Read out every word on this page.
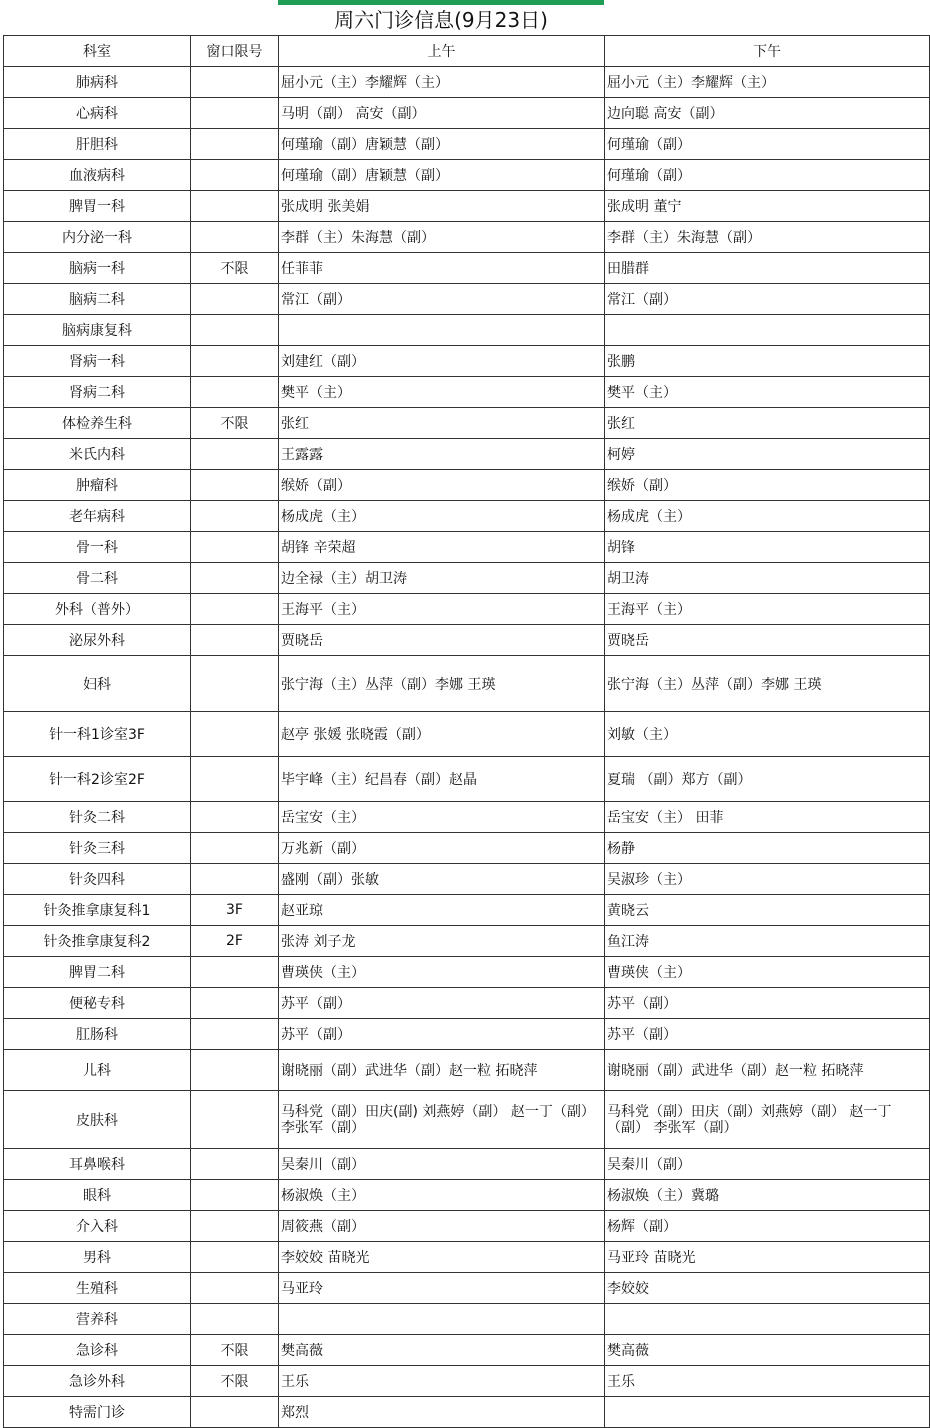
周六门诊信息(9月23日)
科室	窗口限号	上午	下午
肺病科		屈小元（主）李耀辉（主）	屈小元（主）李耀辉（主）
心病科		马明（副） 高安（副）	边向聪 高安（副）
肝胆科		何瑾瑜（副）唐颖慧（副）	何瑾瑜（副）
血液病科		何瑾瑜（副）唐颖慧（副）	何瑾瑜（副）
脾胃一科		张成明 张美娟	张成明 董宁
内分泌一科		李群（主）朱海慧（副）	李群（主）朱海慧（副）
脑病一科	不限	任菲菲	田腊群
脑病二科		常江（副）	常江（副）
脑病康复科			
肾病一科		刘建红（副）	张鹏
肾病二科		樊平（主）	樊平（主）
体检养生科	不限	张红	张红
米氏内科		王露露	柯婷
肿瘤科		缑娇（副）	缑娇（副）
老年病科		杨成虎（主）	杨成虎（主）
骨一科		胡锋 辛荣超	胡锋
骨二科		边全禄（主）胡卫涛	胡卫涛
外科（普外）		王海平（主）	王海平（主）
泌尿外科		贾晓岳	贾晓岳
妇科		张宁海（主）丛萍（副）李娜 王瑛	张宁海（主）丛萍（副）李娜 王瑛
针一科1诊室3F		赵亭 张媛 张晓霞（副）	刘敏（主）
针一科2诊室2F		毕宇峰（主）纪昌春（副）赵晶	夏瑞 （副）郑方（副）
针灸二科		岳宝安（主）	岳宝安（主） 田菲
针灸三科		万兆新（副）	杨静
针灸四科		盛刚（副）张敏	吴淑珍（主）
针灸推拿康复科1	3F	赵亚琼	黄晓云
针灸推拿康复科2	2F	张涛 刘子龙	鱼江涛
脾胃二科		曹瑛侠（主）	曹瑛侠（主）
便秘专科		苏平（副）	苏平（副）
肛肠科		苏平（副）	苏平（副）
儿科		谢晓丽（副）武进华（副）赵一粒 拓晓萍	谢晓丽（副）武进华（副）赵一粒 拓晓萍
皮肤科		马科党（副）田庆(副) 刘燕婷（副） 赵一丁（副） 李张军（副）	马科党（副）田庆（副）刘燕婷（副） 赵一丁（副） 李张军（副）
耳鼻喉科		吴秦川（副）	吴秦川（副）
眼科		杨淑焕（主）	杨淑焕（主）冀璐
介入科		周筱燕（副）	杨辉（副）
男科		李姣姣 苗晓光	马亚玲 苗晓光
生殖科		马亚玲	李姣姣
营养科			
急诊科	不限	樊高薇	樊高薇
急诊外科	不限	王乐	王乐
特需门诊		郑烈	
